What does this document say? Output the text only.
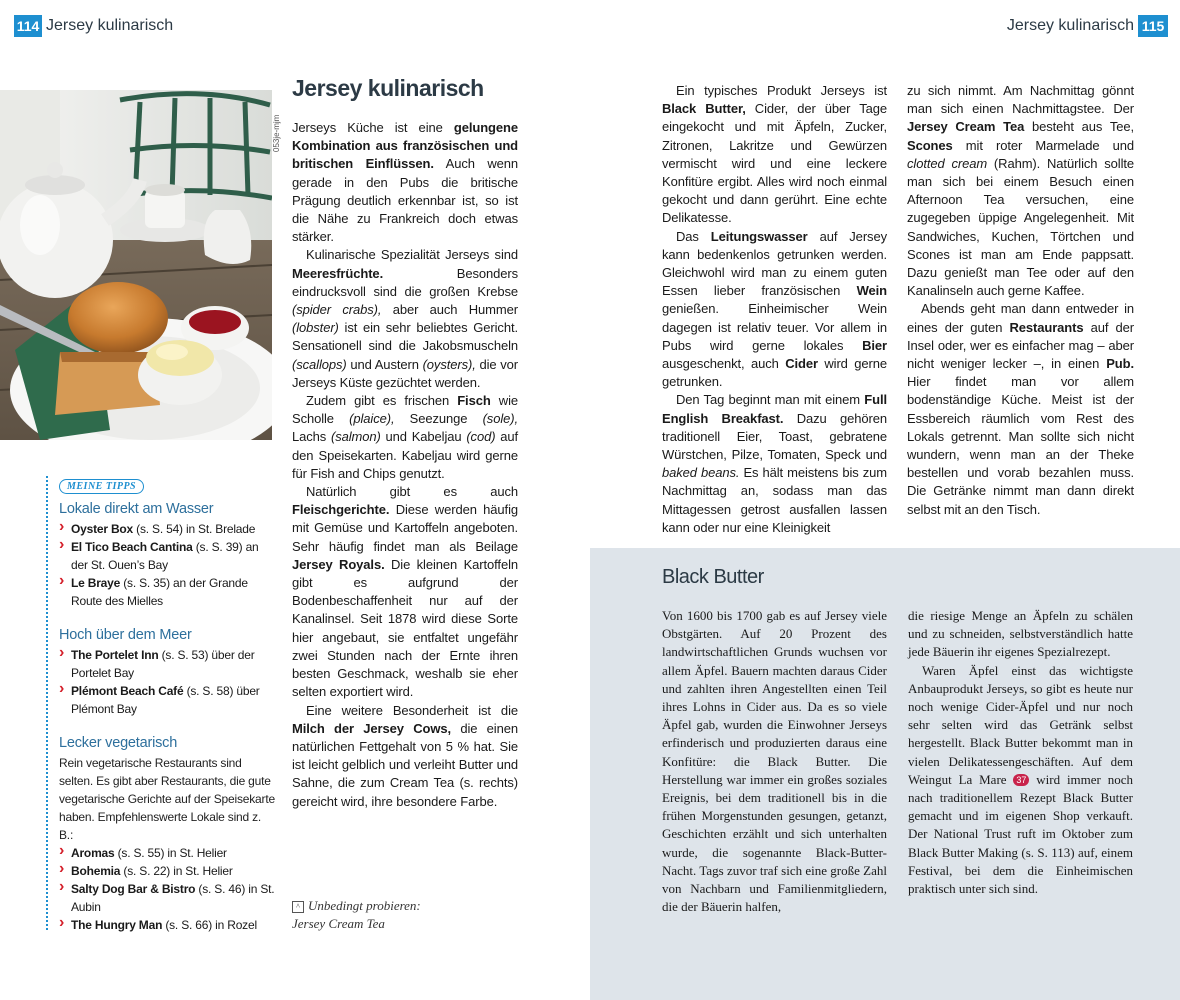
114 Jersey kulinarisch	Jersey kulinarisch 115
053je-mjm
MEINE TIPPS
Lokale direkt am Wasser
› Oyster Box (s. S. 54) in St. Brelade
› El Tico Beach Cantina (s. S. 39) an der St. Ouen’s Bay
› Le Braye (s. S. 35) an der Grande Route des Mielles
Hoch über dem Meer
› The Portelet Inn (s. S. 53) über der Portelet Bay
› Plémont Beach Café (s. S. 58) über Plémont Bay
Lecker vegetarisch

Rein vegetarische Restaurants sind selten. Es gibt aber Restaurants, die gute vegetarische Gerichte auf der Speisekarte haben. Empfehlenswerte Lokale sind z. B.:

› Aromas (s. S. 55) in St. Helier
› Bohemia (s. S. 22) in St. Helier
› Salty Dog Bar & Bistro (s. S. 46) in St. Aubin
› The Hungry Man (s. S. 66) in Rozel
Jersey kulinarisch

Jerseys Küche ist eine gelungene Kombination aus französischen und britischen Einflüssen. Auch wenn gerade in den Pubs die britische Prägung deutlich erkennbar ist, so ist die Nähe zu Frankreich doch etwas stärker.

Kulinarische Spezialität Jerseys sind Meeresfrüchte. Besonders eindrucksvoll sind die großen Krebse (spider crabs), aber auch Hummer (lobster) ist ein sehr beliebtes Gericht. Sensationell sind die Jakobsmuscheln (scallops) und Austern (oysters), die vor Jerseys Küste gezüchtet werden.

Zudem gibt es frischen Fisch wie Scholle (plaice), Seezunge (sole), Lachs (salmon) und Kabeljau (cod) auf den Speisekarten. Kabeljau wird gerne für Fish and Chips genutzt.

Natürlich gibt es auch Fleischgerichte. Diese werden häufig mit Gemüse und Kartoffeln angeboten. Sehr häufig findet man als Beilage Jersey Royals. Die kleinen Kartoffeln gibt es aufgrund der Bodenbeschaffenheit nur auf der Kanalinsel. Seit 1878 wird diese Sorte hier angebaut, sie entfaltet ungefähr zwei Stunden nach der Ernte ihren besten Geschmack, weshalb sie eher selten exportiert wird.

Eine weitere Besonderheit ist die Milch der Jersey Cows, die einen natürlichen Fettgehalt von 5 % hat. Sie ist leicht gelblich und verleiht Butter und Sahne, die zum Cream Tea (s. rechts) gereicht wird, ihre besondere Farbe.

^ Unbedingt probieren:
Jersey Cream Tea

Ein typisches Produkt Jerseys ist Black Butter, Cider, der über Tage eingekocht und mit Äpfeln, Zucker, Zitronen, Lakritze und Gewürzen vermischt wird und eine leckere Konfitüre ergibt. Alles wird noch einmal gekocht und dann gerührt. Eine echte Delikatesse.

Das Leitungswasser auf Jersey kann bedenkenlos getrunken werden. Gleichwohl wird man zu einem guten Essen lieber französischen Wein genießen. Einheimischer Wein dagegen ist relativ teuer. Vor allem in Pubs wird gerne lokales Bier ausgeschenkt, auch Cider wird gerne getrunken.

Den Tag beginnt man mit einem Full English Breakfast. Dazu gehören traditionell Eier, Toast, gebratene Würstchen, Pilze, Tomaten, Speck und baked beans. Es hält meistens bis zum Nachmittag an, sodass man das Mittagessen getrost ausfallen lassen kann oder nur eine Kleinigkeit

zu sich nimmt. Am Nachmittag gönnt man sich einen Nachmittagstee. Der Jersey Cream Tea besteht aus Tee, Scones mit roter Marmelade und clotted cream (Rahm). Natürlich sollte man sich bei einem Besuch einen Afternoon Tea versuchen, eine zugegeben üppige Angelegenheit. Mit Sandwiches, Kuchen, Törtchen und Scones ist man am Ende pappsatt. Dazu genießt man Tee oder auf den Kanalinseln auch gerne Kaffee.

Abends geht man dann entweder in eines der guten Restaurants auf der Insel oder, wer es einfacher mag – aber nicht weniger lecker –, in einen Pub. Hier findet man vor allem bodenständige Küche. Meist ist der Essbereich räumlich vom Rest des Lokals getrennt. Man sollte sich nicht wundern, wenn man an der Theke bestellen und vorab bezahlen muss. Die Getränke nimmt man dann direkt selbst mit an den Tisch.

Black Butter

Von 1600 bis 1700 gab es auf Jersey viele Obstgärten. Auf 20 Prozent des landwirtschaftlichen Grunds wuchsen vor allem Äpfel. Bauern machten daraus Cider und zahlten ihren Angestellten einen Teil ihres Lohns in Cider aus. Da es so viele Äpfel gab, wurden die Einwohner Jerseys erfinderisch und produzierten daraus eine Konfitüre: die Black Butter. Die Herstellung war immer ein großes soziales Ereignis, bei dem traditionell bis in die frühen Morgenstunden gesungen, getanzt, Geschichten erzählt und sich unterhalten wurde, die sogenannte Black-Butter-Nacht. Tags zuvor traf sich eine große Zahl von Nachbarn und Familienmitgliedern, die der Bäuerin halfen,

die riesige Menge an Äpfeln zu schälen und zu schneiden, selbstverständlich hatte jede Bäuerin ihr eigenes Spezialrezept.

Waren Äpfel einst das wichtigste Anbauprodukt Jerseys, so gibt es heute nur noch wenige Cider-Äpfel und nur noch sehr selten wird das Getränk selbst hergestellt. Black Butter bekommt man in vielen Delikatessengeschäften. Auf dem Weingut La Mare 37 wird immer noch nach traditionellem Rezept Black Butter gemacht und im eigenen Shop verkauft. Der National Trust ruft im Oktober zum Black Butter Making (s. S. 113) auf, einem Festival, bei dem die Einheimischen praktisch unter sich sind.
